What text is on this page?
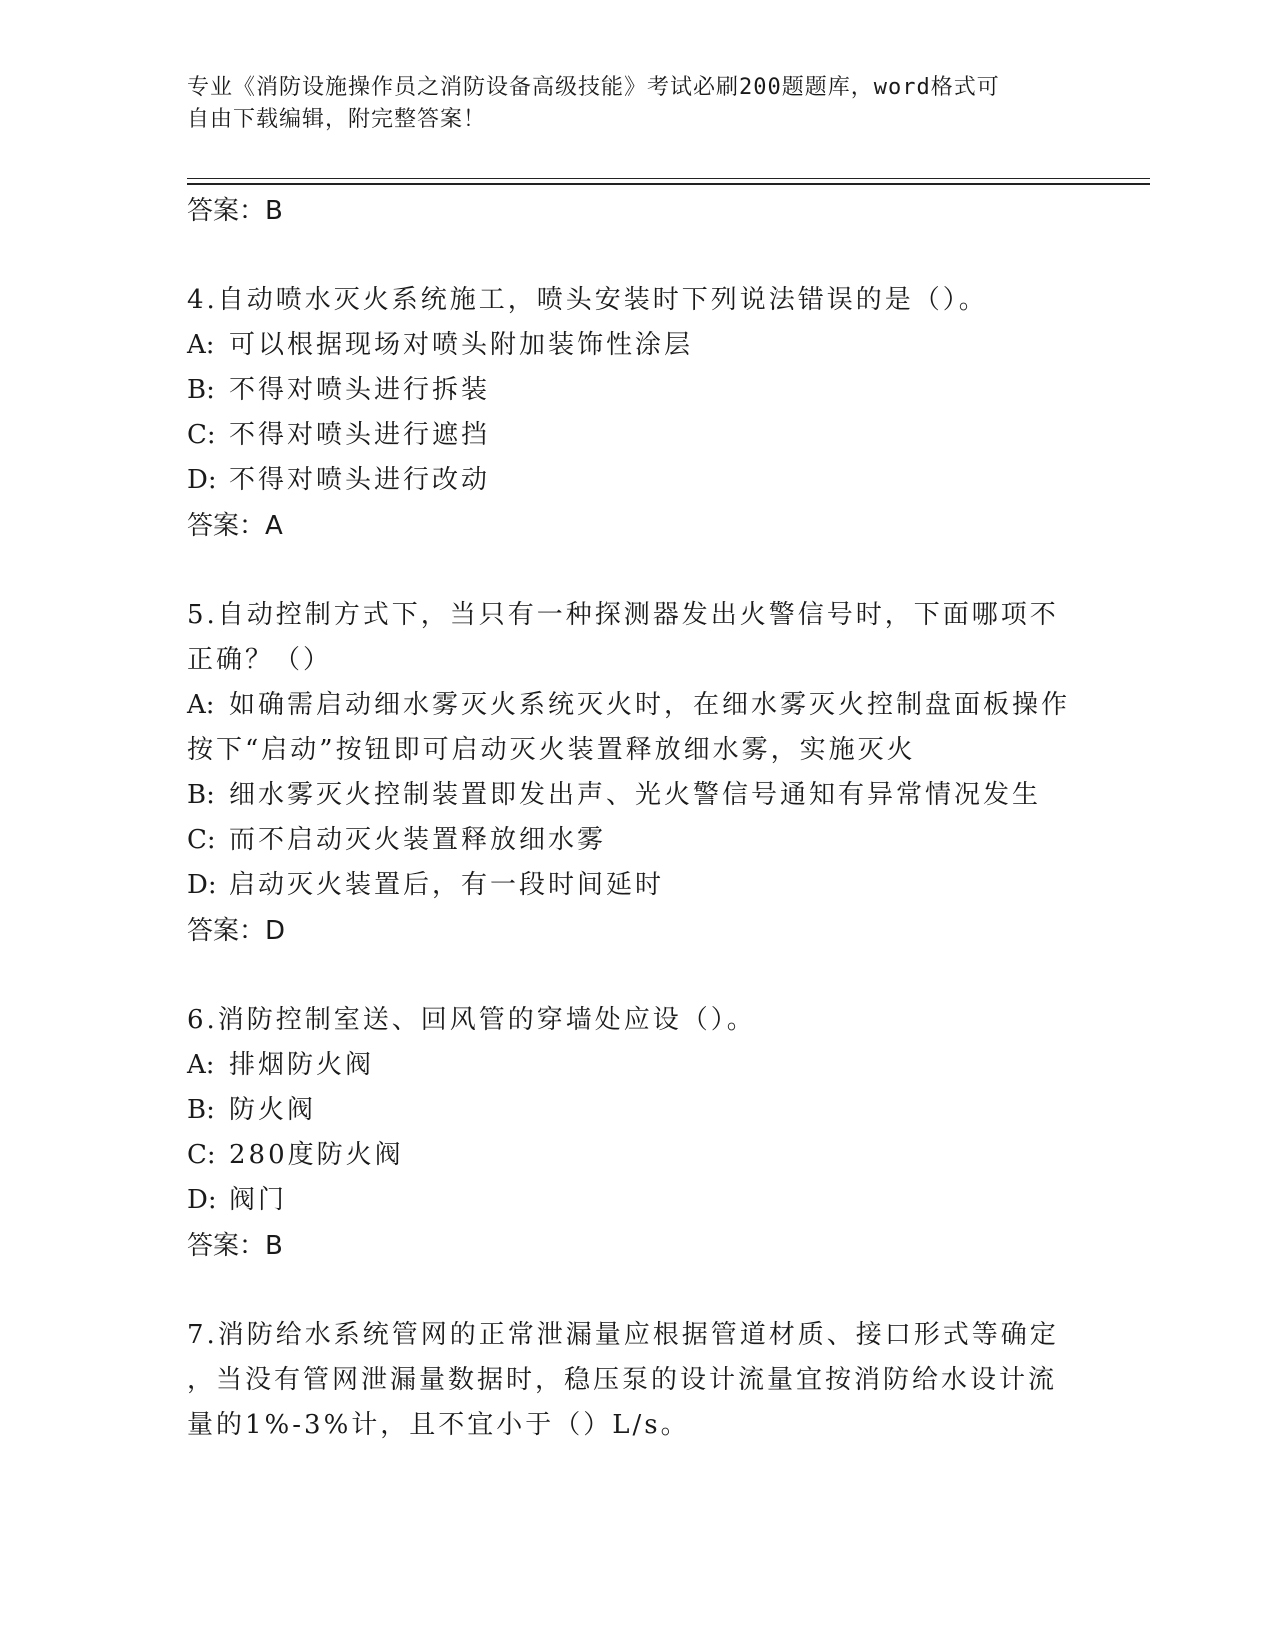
专业《消防设施操作员之消防设备高级技能》考试必刷200题题库，word格式可
自由下载编辑，附完整答案！
答案：B
4.自动喷水灭火系统施工，喷头安装时下列说法错误的是（）。
A: 可以根据现场对喷头附加装饰性涂层
B: 不得对喷头进行拆装
C: 不得对喷头进行遮挡
D: 不得对喷头进行改动
答案：A
5.自动控制方式下，当只有一种探测器发出火警信号时，下面哪项不
正确？（）
A: 如确需启动细水雾灭火系统灭火时，在细水雾灭火控制盘面板操作
按下“启动”按钮即可启动灭火装置释放细水雾，实施灭火
B: 细水雾灭火控制装置即发出声、光火警信号通知有异常情况发生
C: 而不启动灭火装置释放细水雾
D: 启动灭火装置后，有一段时间延时
答案：D
6.消防控制室送、回风管的穿墙处应设（）。
A: 排烟防火阀
B: 防火阀
C: 280度防火阀
D: 阀门
答案：B
7.消防给水系统管网的正常泄漏量应根据管道材质、接口形式等确定
，当没有管网泄漏量数据时，稳压泵的设计流量宜按消防给水设计流
量的1%-3%计，且不宜小于（）L/s。
